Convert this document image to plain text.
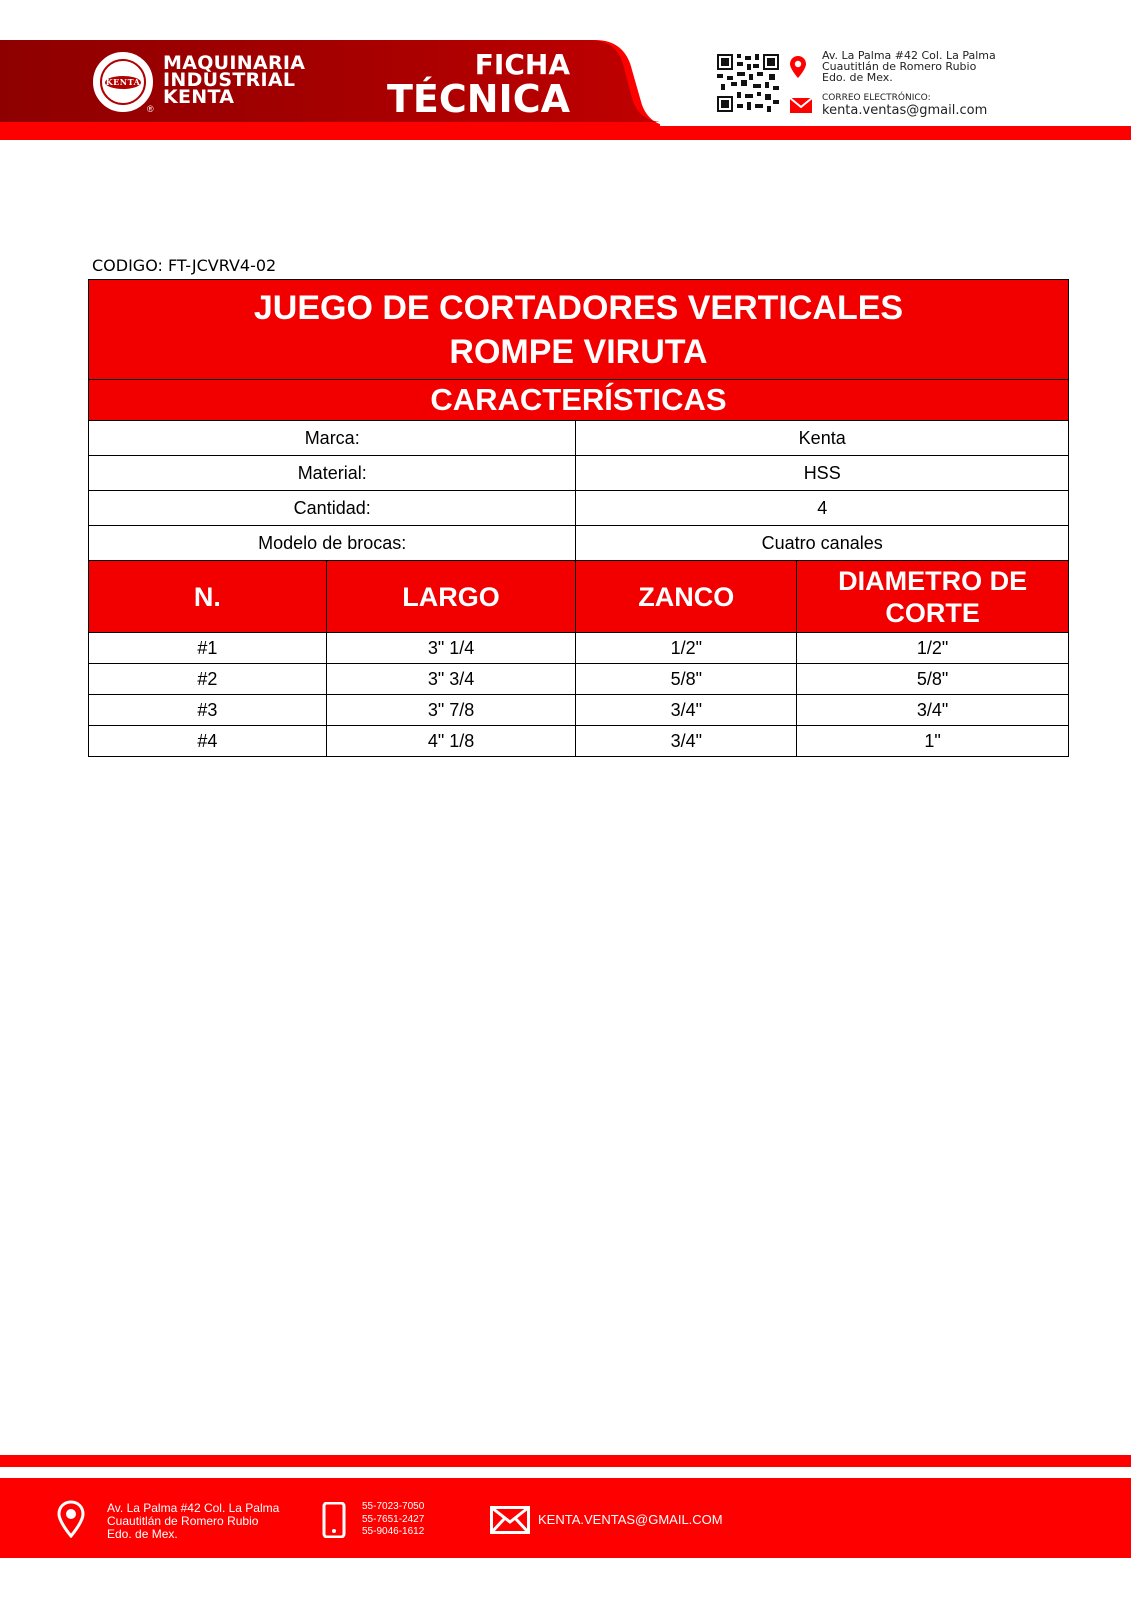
KENTA
®
MAQUINARIA
INDUSTRIAL
KENTA
FICHA
TÉCNICA
Av. La Palma #42 Col. La Palma
Cuautitlán de Romero Rubio
Edo. de Mex.
CORREO ELECTRÓNICO:
kenta.ventas@gmail.com
CODIGO: FT-JCVRV4-02
JUEGO DE CORTADORES VERTICALES
ROMPE VIRUTA			

CARACTERÍSTICAS			
Marca:		Kenta	
Material:		HSS	
Cantidad:		4	
Modelo de brocas:		Cuatro canales	
N.	LARGO	ZANCO	DIAMETRO DE
CORTE

#1	3" 1/4	1/2"	1/2"
#2	3" 3/4	5/8"	5/8"
#3	3" 7/8	3/4"	3/4"
#4	4" 1/8	3/4"	1"
Av. La Palma #42 Col. La Palma
Cuautitlán de Romero Rubio
Edo. de Mex.
55-7023-7050
55-7651-2427
55-9046-1612
KENTA.VENTAS@GMAIL.COM
